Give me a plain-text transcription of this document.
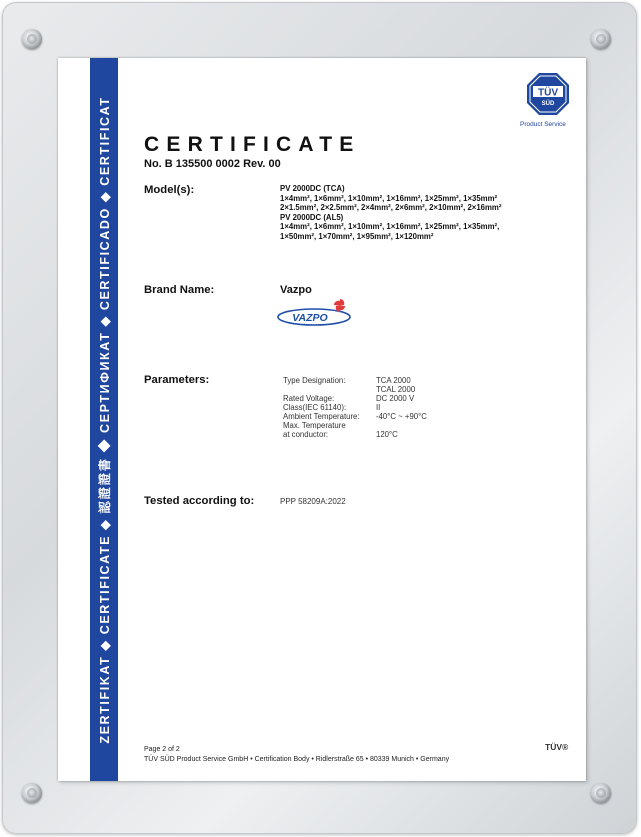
ZERTIFIKAT ◆ CERTIFICATE ◆ 認證證書 ◆ СЕРТИФИКАТ ◆ CERTIFICADO ◆ CERTIFICAT
TÜV
SÜD
Product Service
CERTIFICATE
No. B 135500 0002 Rev. 00
Model(s):	PV 2000DC (TCA)
1×4mm², 1×6mm², 1×10mm², 1×16mm², 1×25mm², 1×35mm²
2×1.5mm², 2×2.5mm², 2×4mm², 2×6mm², 2×10mm², 2×16mm²
PV 2000DC (AL5)
1×4mm², 1×6mm², 1×10mm², 1×16mm², 1×25mm², 1×35mm²,
1×50mm², 1×70mm², 1×95mm², 1×120mm²
Brand Name:	Vazpo
VAZPO
Parameters:	Type Designation:	TCA 2000
TCAL 2000
Rated Voltage:	DC 2000 V
Class(IEC 61140):	II
Ambient Temperature:	-40°C ~ +90°C
Max. Temperature
at conductor:	120°C
Tested according to:	PPP 58209A:2022
Page 2 of 2
TÜV SÜD Product Service GmbH • Certification Body • Ridlerstraße 65 • 80339 Munich • Germany
TÜV®
